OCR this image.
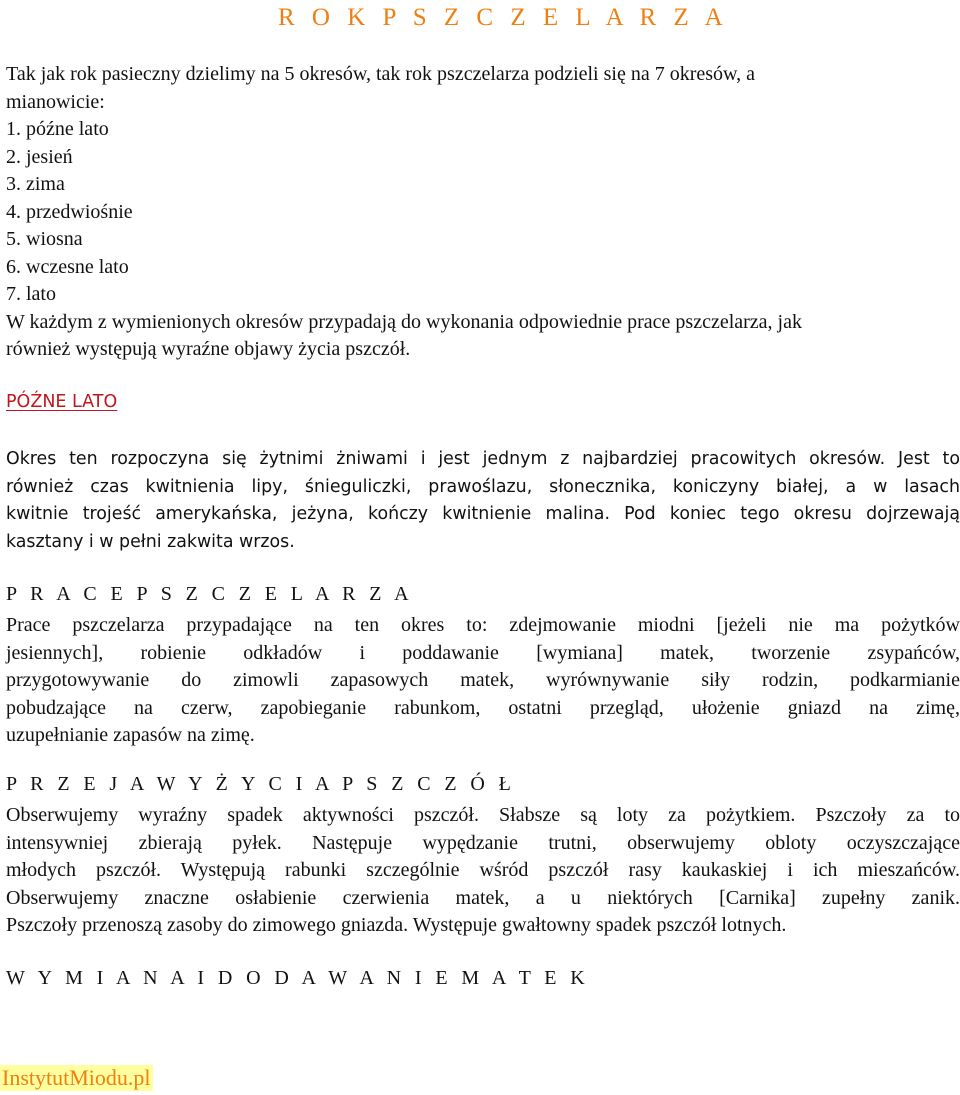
R O K P S Z C Z E L A R Z A
Tak jak rok pasieczny dzielimy na 5 okresów, tak rok pszczelarza podzieli się na 7 okresów, a
mianowicie:
1. późne lato
2. jesień
3. zima
4. przedwiośnie
5. wiosna
6. wczesne lato
7. lato
W każdym z wymienionych okresów przypadają do wykonania odpowiednie prace pszczelarza, jak
również występują wyraźne objawy życia pszczół.
PÓŹNE LATO
Okres ten rozpoczyna się żytnimi żniwami i jest jednym z najbardziej pracowitych okresów. Jest to
również czas kwitnienia lipy, śnieguliczki, prawoślazu, słonecznika, koniczyny białej, a w lasach
kwitnie trojeść amerykańska, jeżyna, kończy kwitnienie malina. Pod koniec tego okresu dojrzewają
kasztany i w pełni zakwita wrzos.
P R A C E P S Z C Z E L A R Z A
Prace pszczelarza przypadające na ten okres to: zdejmowanie miodni [jeżeli nie ma pożytków
jesiennych], robienie odkładów i poddawanie [wymiana] matek, tworzenie zsypańców,
przygotowywanie do zimowli zapasowych matek, wyrównywanie siły rodzin, podkarmianie
pobudzające na czerw, zapobieganie rabunkom, ostatni przegląd, ułożenie gniazd na zimę,
uzupełnianie zapasów na zimę.
P R Z E J A W Y Ż Y C I A P S Z C Z Ó Ł
Obserwujemy wyraźny spadek aktywności pszczół. Słabsze są loty za pożytkiem. Pszczoły za to
intensywniej zbierają pyłek. Następuje wypędzanie trutni, obserwujemy obloty oczyszczające
młodych pszczół. Występują rabunki szczególnie wśród pszczół rasy kaukaskiej i ich mieszańców.
Obserwujemy znaczne osłabienie czerwienia matek, a u niektórych [Carnika] zupełny zanik.
Pszczoły przenoszą zasoby do zimowego gniazda. Występuje gwałtowny spadek pszczół lotnych.
W Y M I A N A I D O D A W A N I E M A T E K
InstytutMiodu.pl
